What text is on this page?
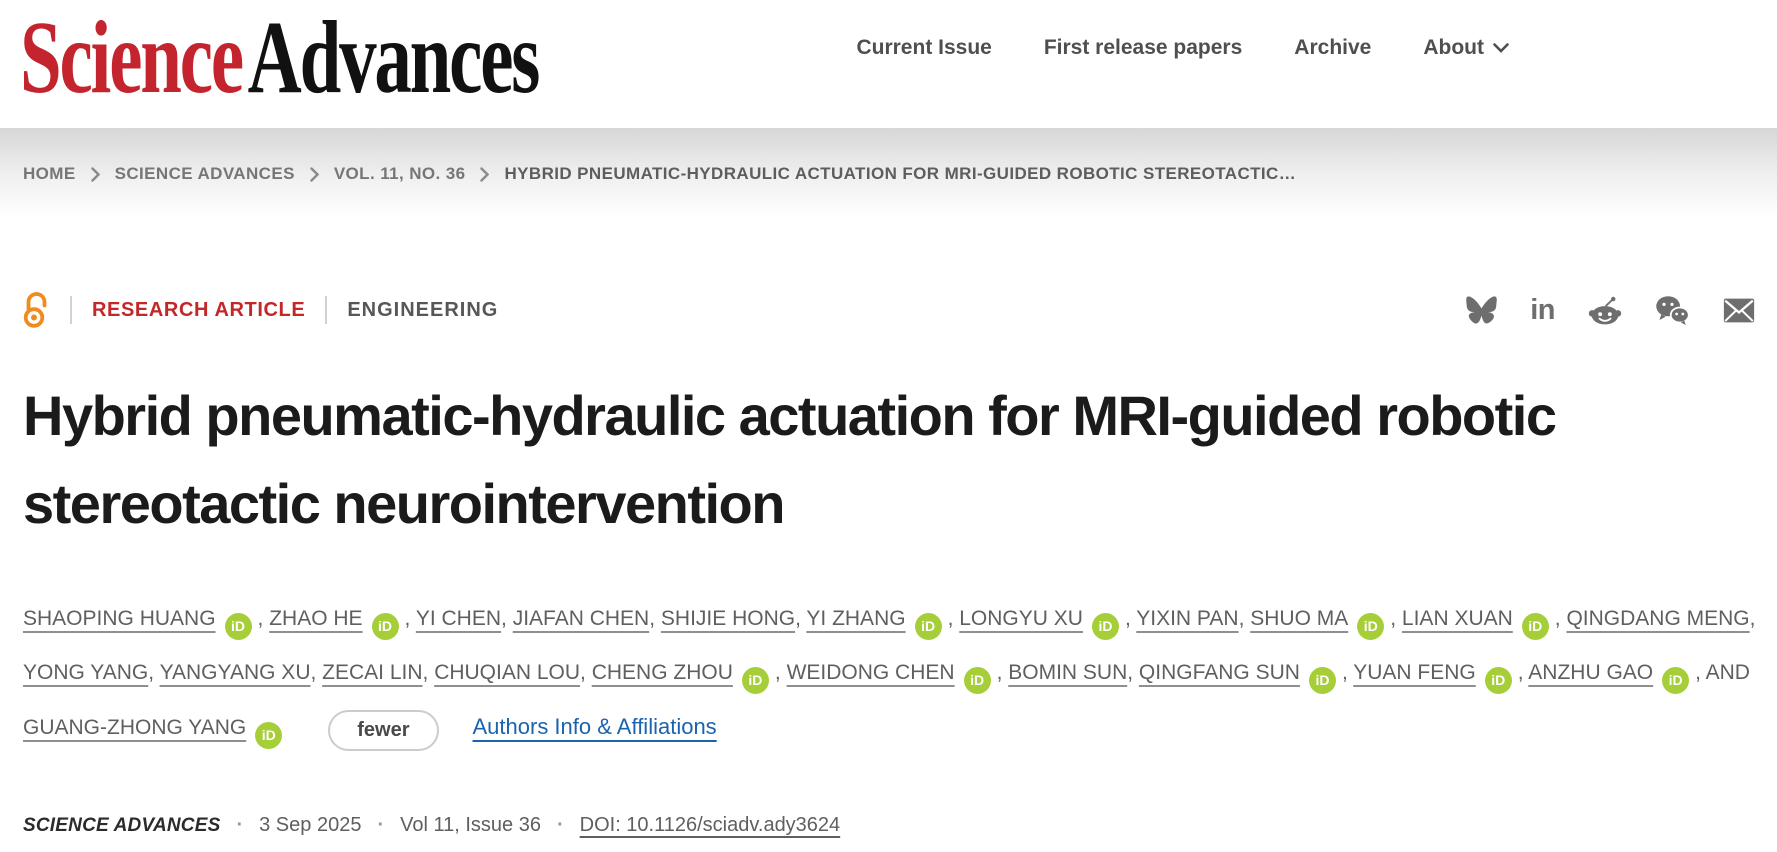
ScienceAdvances	Current Issue First release papers Archive About
HOME SCIENCE ADVANCES VOL. 11, NO. 36 HYBRID PNEUMATIC-HYDRAULIC ACTUATION FOR MRI-GUIDED ROBOTIC STEREOTACTIC…
RESEARCH ARTICLE ENGINEERING	in
Hybrid pneumatic-hydraulic actuation for MRI-guided robotic stereotactic neurointervention
SHAOPING HUANG iD , ZHAO HE iD , YI CHEN, JIAFAN CHEN, SHIJIE HONG, YI ZHANG iD , LONGYU XU iD , YIXIN PAN, SHUO MA iD , LIAN XUAN iD , QINGDANG MENG, YONG YANG, YANGYANG XU, ZECAI LIN, CHUQIAN LOU, CHENG ZHOU iD , WEIDONG CHEN iD , BOMIN SUN, QINGFANG SUN iD , YUAN FENG iD , ANZHU GAO iD , AND GUANG-ZHONG YANG iD	fewer	Authors Info & Affiliations
SCIENCE ADVANCES · 3 Sep 2025 · Vol 11, Issue 36 · DOI: 10.1126/sciadv.ady3624
